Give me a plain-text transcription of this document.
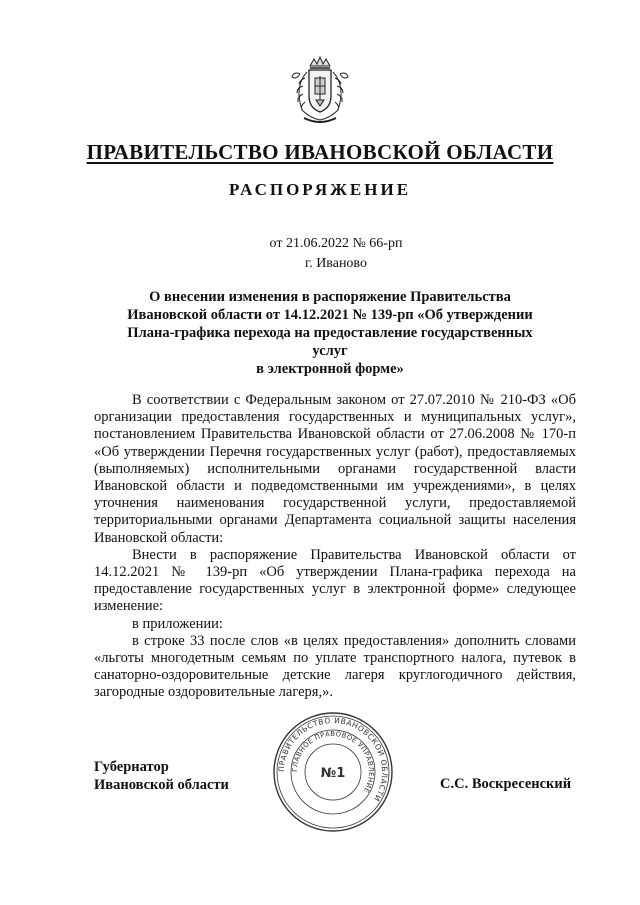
ПРАВИТЕЛЬСТВО ИВАНОВСКОЙ ОБЛАСТИ
РАСПОРЯЖЕНИЕ
от 21.06.2022 № 66-рп
г. Иваново
О внесении изменения в распоряжение Правительства
Ивановской области от 14.12.2021 № 139-рп «Об утверждении
Плана-графика перехода на предоставление государственных услуг
в электронной форме»

В соответствии с Федеральным законом от 27.07.2010 № 210-ФЗ «Об организации предоставления государственных и муниципальных услуг», постановлением Правительства Ивановской области от 27.06.2008 № 170-п «Об утверждении Перечня государственных услуг (работ), предоставляемых (выполняемых) исполнительными органами государственной власти Ивановской области и подведомственными им учреждениями», в целях уточнения наименования государственной услуги, предоставляемой территориальными органами Департамента социальной защиты населения Ивановской области:

Внести в распоряжение Правительства Ивановской области от 14.12.2021 № 139-рп «Об утверждении Плана-графика перехода на предоставление государственных услуг в электронной форме» следующее изменение:

в приложении:

в строке 33 после слов «в целях предоставления» дополнить словами «льготы многодетным семьям по уплате транспортного налога, путевок в санаторно-оздоровительные детские лагеря круглогодичного действия, загородные оздоровительные лагеря,».

ПРАВИТЕЛЬСТВО ИВАНОВСКОЙ ОБЛАСТИ
ГЛАВНОЕ ПРАВОВОЕ УПРАВЛЕНИЕ
№1
Губернатор
Ивановской области	С.С. Воскресенский
